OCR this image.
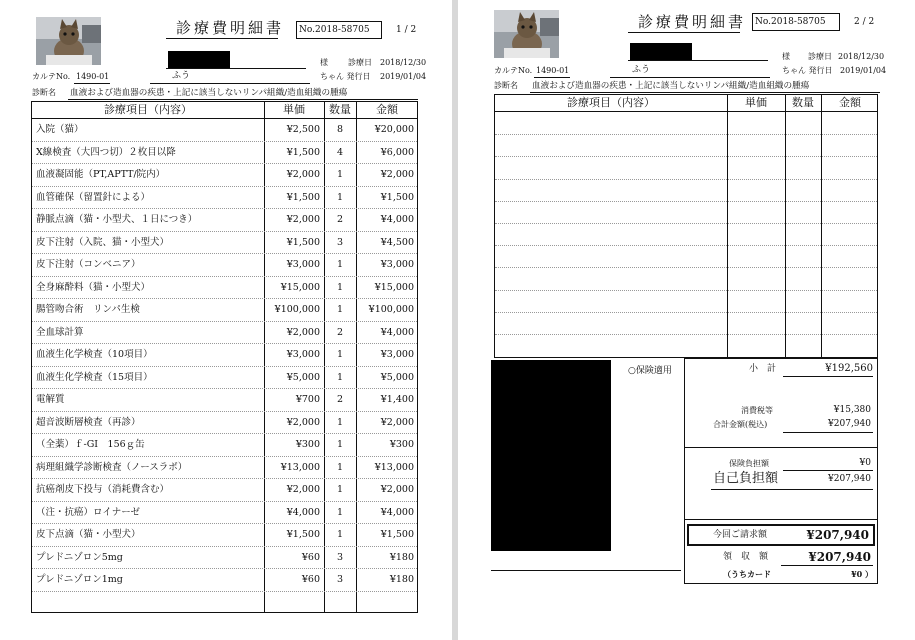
診療費明細書	No.2018-58705	1 / 2
様	診療日 2018/12/30
カルテNo. 1490-01	ふう	ちゃん 発行日 2019/01/04
診断名 血液および造血器の疾患・上記に該当しないリンパ組織/造血組織の腫瘍
診療項目（内容）	単価	数量	金額
入院（猫）	¥2,500	8	¥20,000
X線検査（大四つ切）２枚目以降	¥1,500	4	¥6,000
血液凝固能（PT,APTT/院内）	¥2,000	1	¥2,000
血管確保（留置針による）	¥1,500	1	¥1,500
静脈点滴（猫・小型犬、１日につき）	¥2,000	2	¥4,000
皮下注射（入院、猫・小型犬）	¥1,500	3	¥4,500
皮下注射（コンベニア）	¥3,000	1	¥3,000
全身麻酔料（猫・小型犬）	¥15,000	1	¥15,000
腸管吻合術　リンパ生検	¥100,000	1	¥100,000
全血球計算	¥2,000	2	¥4,000
血液生化学検査（10項目）	¥3,000	1	¥3,000
血液生化学検査（15項目）	¥5,000	1	¥5,000
電解質	¥700	2	¥1,400
超音波断層検査（再診）	¥2,000	1	¥2,000
（全薬）ｆ-GI　156ｇ缶	¥300	1	¥300
病理組織学診断検査（ノースラボ）	¥13,000	1	¥13,000
抗癌剤皮下投与（消耗費含む）	¥2,000	1	¥2,000
（注・抗癌）ロイナーゼ	¥4,000	1	¥4,000
皮下点滴（猫・小型犬）	¥1,500	1	¥1,500
プレドニゾロン5mg	¥60	3	¥180
プレドニゾロン1mg	¥60	3	¥180
診療費明細書 No.2018-58705	2 / 2
様 診療日 2018/12/30
カルテNo. 1490-01	ふう	ちゃん 発行日 2019/01/04
診断名 血液および造血器の疾患・上記に該当しないリンパ組織/造血組織の腫瘍
診療項目（内容）	単価	数量	金額
○保険適用	小　計	¥192,560
消費税等	¥15,380
合計金額(税込)	¥207,940
保険負担額	¥0
自己負担額	¥207,940
今回ご請求額	¥207,940
領　収　額	¥207,940
（うちカード	¥0 ）
